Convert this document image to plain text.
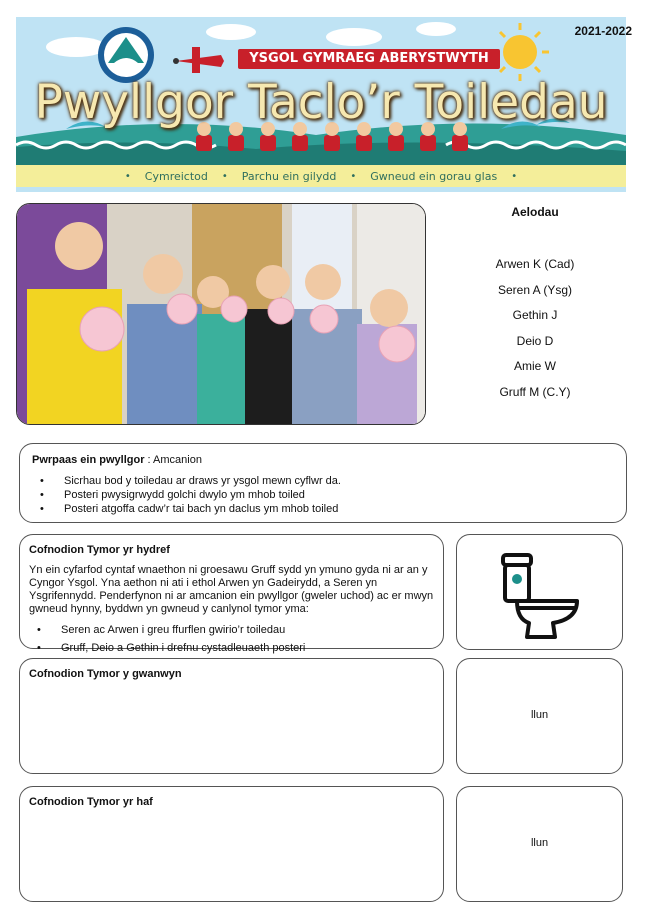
YSGOL GYMRAEG ABERYSTWYTH
Pwyllgor Taclo’r Toiledau
• Cymreictod • Parchu ein gilydd • Gwneud ein gorau glas •
2021-2022
Aelodau
Arwen K (Cad)
Seren A (Ysg)
Gethin J
Deio D
Amie W
Gruff M (C.Y)
Pwrpaas ein pwyllgor : Amcanion
• Sicrhau bod y toiledau ar draws yr ysgol mewn cyflwr da.
• Posteri pwysigrwydd golchi dwylo ym mhob toiled
• Posteri atgoffa cadw’r tai bach yn daclus ym mhob toiled
Cofnodion Tymor yr hydref

Yn ein cyfarfod cyntaf wnaethon ni groesawu Gruff sydd yn ymuno gyda ni ar an y Cyngor Ysgol. Yna aethon ni ati i ethol Arwen yn Gadeirydd, a Seren yn Ysgrifennydd. Penderfynon ni ar amcanion ein pwyllgor (gweler uchod) ac er mwyn gwneud hynny, byddwn yn gwneud y canlynol tymor yma:

• Seren ac Arwen i greu ffurflen gwirio’r toiledau
• Gruff, Deio a Gethin i drefnu cystadleuaeth posteri
Cofnodion Tymor y gwanwyn
llun
Cofnodion Tymor yr haf
llun
